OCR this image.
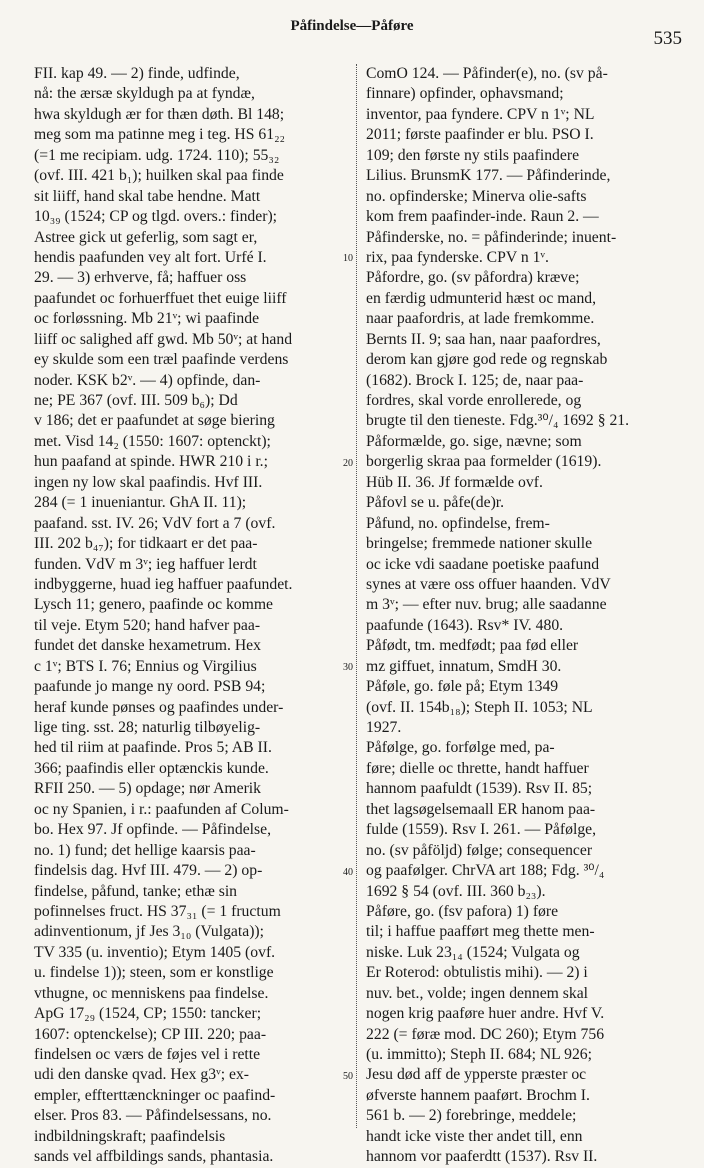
Påfindelse—Påføre
535
FII. kap 49. — 2) finde, udfinde,
nå: the ærsæ skyldugh pa at fyndæ,
hwa skyldugh ær for thæn døth. Bl 148;
meg som ma patinne meg i teg. HS 61₂₂
(=1 me recipiam. udg. 1724. 110); 55₃₂
(ovf. III. 421 b₁); huilken skal paa finde
sit liiff, hand skal tabe hendne. Matt
10₃₉ (1524; CP og tlgd. overs.: finder);
Astree gick ut geferlig, som sagt er,
hendis paafunden vey alt fort. Urfé I.
29. — 3) erhverve, få; haffuer oss
paafundet oc forhuerffuet thet euige liiff
oc forløssning. Mb 21ᵛ; wi paafinde
liiff oc salighed aff gwd. Mb 50ᵛ; at hand
ey skulde som een træl paafinde verdens
noder. KSK b2ᵛ. — 4) opfinde, dan-
ne; PE 367 (ovf. III. 509 b₆); Dd
v 186; det er paafundet at søge biering
met. Visd 14₂ (1550: 1607: optenckt);
hun paafand at spinde. HWR 210 i r.;
ingen ny low skal paafindis. Hvf III.
284 (= 1 inueniantur. GhA II. 11);
paafand. sst. IV. 26; VdV fort a 7 (ovf.
III. 202 b₄₇); for tidkaart er det paa-
funden. VdV m 3ᵛ; ieg haffuer lerdt
indbyggerne, huad ieg haffuer paafundet.
Lysch 11; genero, paafinde oc komme
til veje. Etym 520; hand hafver paa-
fundet det danske hexametrum. Hex
c 1ᵛ; BTS I. 76; Ennius og Virgilius
paafunde jo mange ny oord. PSB 94;
heraf kunde pønses og paafindes under-
lige ting. sst. 28; naturlig tilbøyelig-
hed til riim at paafinde. Pros 5; AB II.
366; paafindis eller optænckis kunde.
RFII 250. — 5) opdage; nør Amerik
oc ny Spanien, i r.: paafunden af Colum-
bo. Hex 97. Jf opfinde. — Påfindelse,
no. 1) fund; det hellige kaarsis paa-
findelsis dag. Hvf III. 479. — 2) op-
findelse, påfund, tanke; ethæ sin
pofinnelses fruct. HS 37₃₁ (= 1 fructum
adinventionum, jf Jes 3₁₀ (Vulgata));
TV 335 (u. inventio); Etym 1405 (ovf.
u. findelse 1)); steen, som er konstlige
vthugne, oc menniskens paa findelse.
ApG 17₂₉ (1524, CP; 1550: tancker;
1607: optenckelse); CP III. 220; paa-
findelsen oc værs de føjes vel i rette
udi den danske qvad. Hex g3ᵛ; ex-
empler, effterttænckninger oc paafind-
elser. Pros 83. — Påfindelsessans, no.
indbildningskraft; paafindelsis
sands vel affbildings sands, phantasia.
10
20
30
40
50
ComO 124. — Påfinder(e), no. (sv på-
finnare) opfinder, ophavsmand;
inventor, paa fyndere. CPV n 1ᵛ; NL
2011; første paafinder er blu. PSO I.
109; den første ny stils paafindere
Lilius. BrunsmK 177. — Påfinderinde,
no. opfinderske; Minerva olie-safts
kom frem paafinder-inde. Raun 2. —
Påfinderske, no. = påfinderinde; inuent-
rix, paa fynderske. CPV n 1ᵛ.
Påfordre, go. (sv påfordra) kræve;
en færdig udmunterid hæst oc mand,
naar paafordris, at lade fremkomme.
Bernts II. 9; saa han, naar paafordres,
derom kan gjøre god rede og regnskab
(1682). Brock I. 125; de, naar paa-
fordres, skal vorde enrollerede, og
brugte til den tieneste. Fdg.³⁰/₄ 1692 § 21.
Påformælde, go. sige, nævne; som
borgerlig skraa paa formelder (1619).
Hüb II. 36. Jf formælde ovf.
Påfovl se u. påfe(de)r.
Påfund, no. opfindelse, frem-
bringelse; fremmede nationer skulle
oc icke vdi saadane poetiske paafund
synes at være oss offuer haanden. VdV
m 3ᵛ; — efter nuv. brug; alle saadanne
paafunde (1643). Rsv* IV. 480.
Påfødt, tm. medfødt; paa fød eller
mz giffuet, innatum, SmdH 30.
Påføle, go. føle på; Etym 1349
(ovf. II. 154b₁₈); Steph II. 1053; NL
1927.
Påfølge, go. forfølge med, pa-
føre; dielle oc thrette, handt haffuer
hannom paafuldt (1539). Rsv II. 85;
thet lagsøgelsemaall ER hanom paa-
fulde (1559). Rsv I. 261. — Påfølge,
no. (sv påföljd) følge; consequencer
og paafølger. ChrVA art 188; Fdg. ³⁰/₄
1692 § 54 (ovf. III. 360 b₂₃).
Påføre, go. (fsv pafora) 1) føre
til; i haffue paafført meg thette men-
niske. Luk 23₁₄ (1524; Vulgata og
Er Roterod: obtulistis mihi). — 2) i
nuv. bet., volde; ingen dennem skal
nogen krig paaføre huer andre. Hvf V.
222 (= føræ mod. DC 260); Etym 756
(u. immitto); Steph II. 684; NL 926;
Jesu død aff de ypperste præster oc
øfverste hannem paaført. Brochm I.
561 b. — 2) forebringe, meddele;
handt icke viste ther andet till, enn
hannom vor paaferdtt (1537). Rsv II.
